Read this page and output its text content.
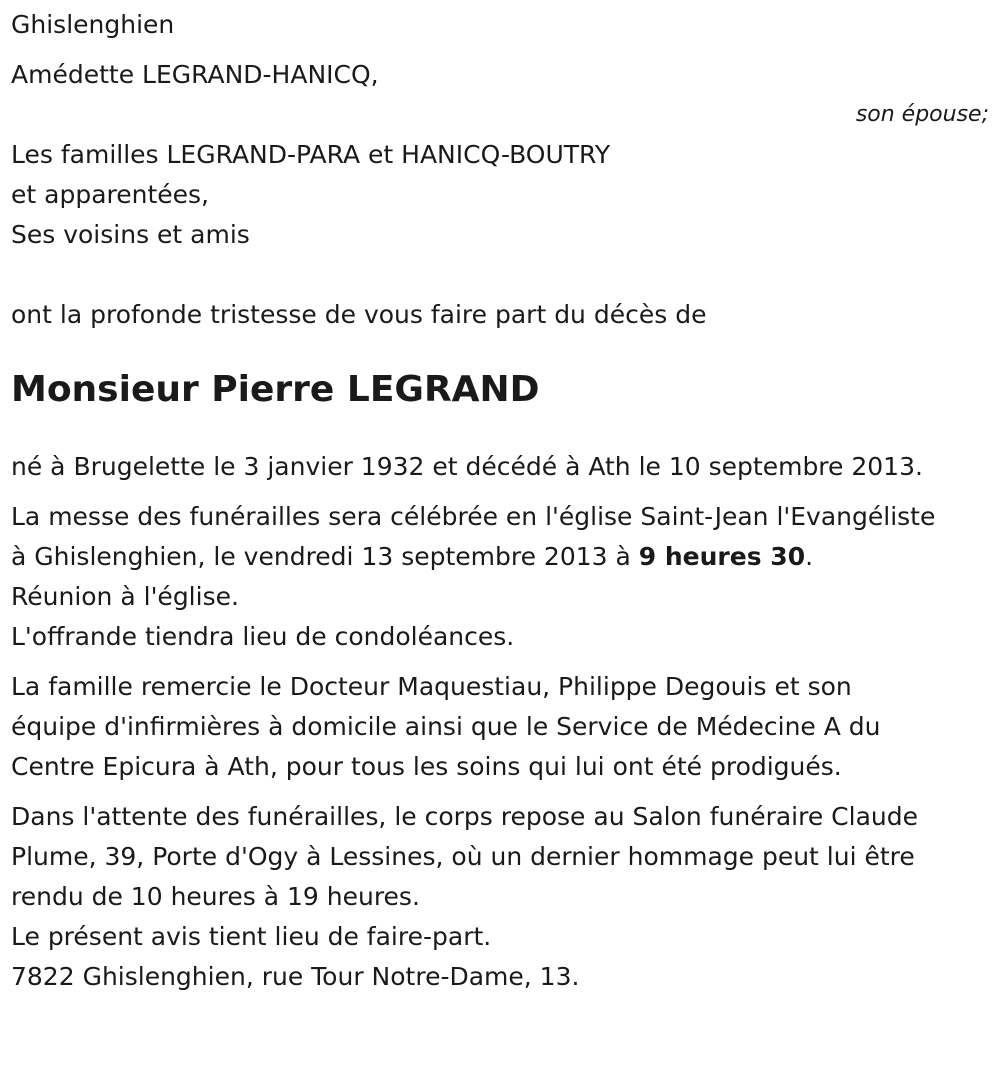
Ghislenghien

Amédette LEGRAND-HANICQ,

son épouse;

Les familles LEGRAND-PARA et HANICQ-BOUTRY

et apparentées,

Ses voisins et amis

ont la profonde tristesse de vous faire part du décès de

Monsieur Pierre LEGRAND

né à Brugelette le 3 janvier 1932 et décédé à Ath le 10 septembre 2013.

La messe des funérailles sera célébrée en l'église Saint-Jean l'Evangéliste

à Ghislenghien, le vendredi 13 septembre 2013 à 9 heures 30.

Réunion à l'église.

L'offrande tiendra lieu de condoléances.

La famille remercie le Docteur Maquestiau, Philippe Degouis et son

équipe d'infirmières à domicile ainsi que le Service de Médecine A du

Centre Epicura à Ath, pour tous les soins qui lui ont été prodigués.

Dans l'attente des funérailles, le corps repose au Salon funéraire Claude

Plume, 39, Porte d'Ogy à Lessines, où un dernier hommage peut lui être

rendu de 10 heures à 19 heures.

Le présent avis tient lieu de faire-part.

7822 Ghislenghien, rue Tour Notre-Dame, 13.
